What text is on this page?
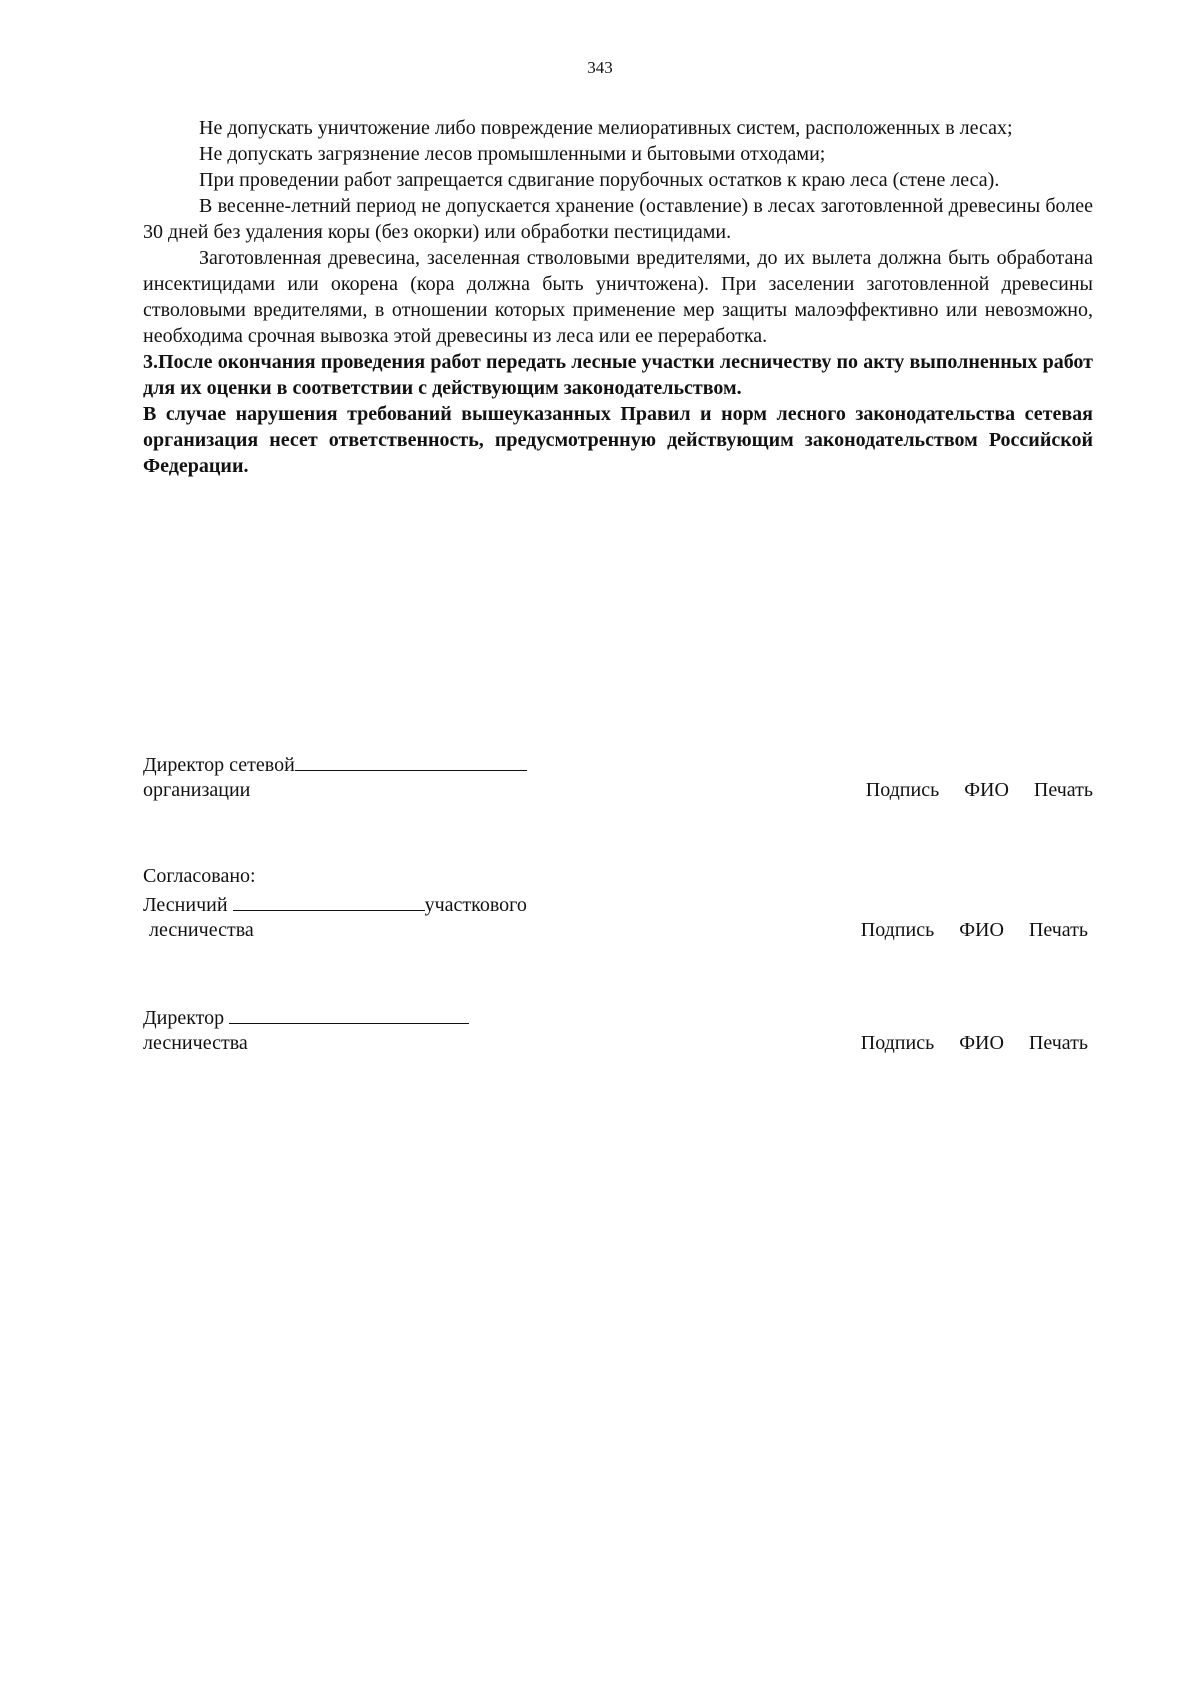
343

Не допускать уничтожение либо повреждение мелиоративных систем, расположенных в лесах;

Не допускать загрязнение лесов промышленными и бытовыми отходами;

При проведении работ запрещается сдвигание порубочных остатков к краю леса (стене леса).

В весенне-летний период не допускается хранение (оставление) в лесах заготовленной древесины более 30 дней без удаления коры (без окорки) или обработки пестицидами.

Заготовленная древесина, заселенная стволовыми вредителями, до их вылета должна быть обработана инсектицидами или окорена (кора должна быть уничтожена). При заселении заготовленной древесины стволовыми вредителями, в отношении которых применение мер защиты малоэффективно или невозможно, необходима срочная вывозка этой древесины из леса или ее переработка.

3.После окончания проведения работ передать лесные участки лесничеству по акту выполненных работ для их оценки в соответствии с действующим законодательством.

В случае нарушения требований вышеуказанных Правил и норм лесного законодательства сетевая организация несет ответственность, предусмотренную действующим законодательством Российской Федерации.

Директор сетевой
организации	Подпись ФИО Печать
Согласовано:
Лесничий	участкового
лесничества	Подпись ФИО Печать
Директор
лесничества	Подпись ФИО Печать
